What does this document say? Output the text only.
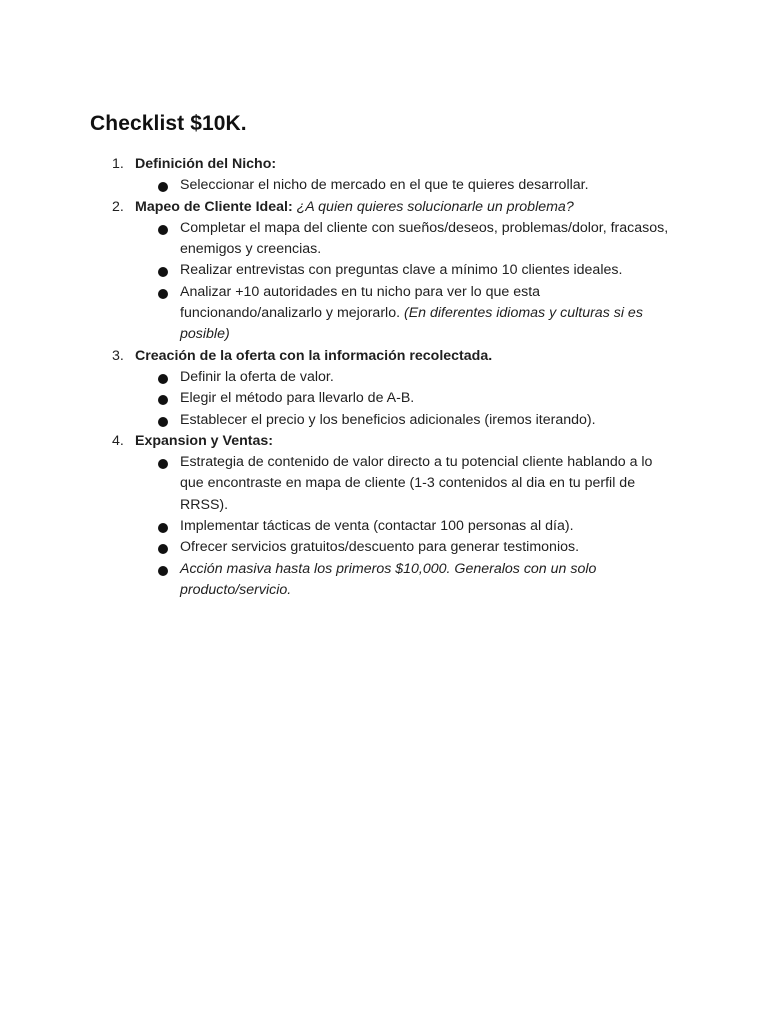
Checklist $10K.
1. Definición del Nicho:
Seleccionar el nicho de mercado en el que te quieres desarrollar.
2. Mapeo de Cliente Ideal: ¿A quien quieres solucionarle un problema?
Completar el mapa del cliente con sueños/deseos, problemas/dolor, fracasos, enemigos y creencias.
Realizar entrevistas con preguntas clave a mínimo 10 clientes ideales.
Analizar +10 autoridades en tu nicho para ver lo que esta funcionando/analizarlo y mejorarlo. (En diferentes idiomas y culturas si es posible)
3. Creación de la oferta con la información recolectada.
Definir la oferta de valor.
Elegir el método para llevarlo de A-B.
Establecer el precio y los beneficios adicionales (iremos iterando).
4. Expansion y Ventas:
Estrategia de contenido de valor directo a tu potencial cliente hablando a lo que encontraste en mapa de cliente (1-3 contenidos al dia en tu perfil de RRSS).
Implementar tácticas de venta (contactar 100 personas al día).
Ofrecer servicios gratuitos/descuento para generar testimonios.
Acción masiva hasta los primeros $10,000. Generalos con un solo producto/servicio.
